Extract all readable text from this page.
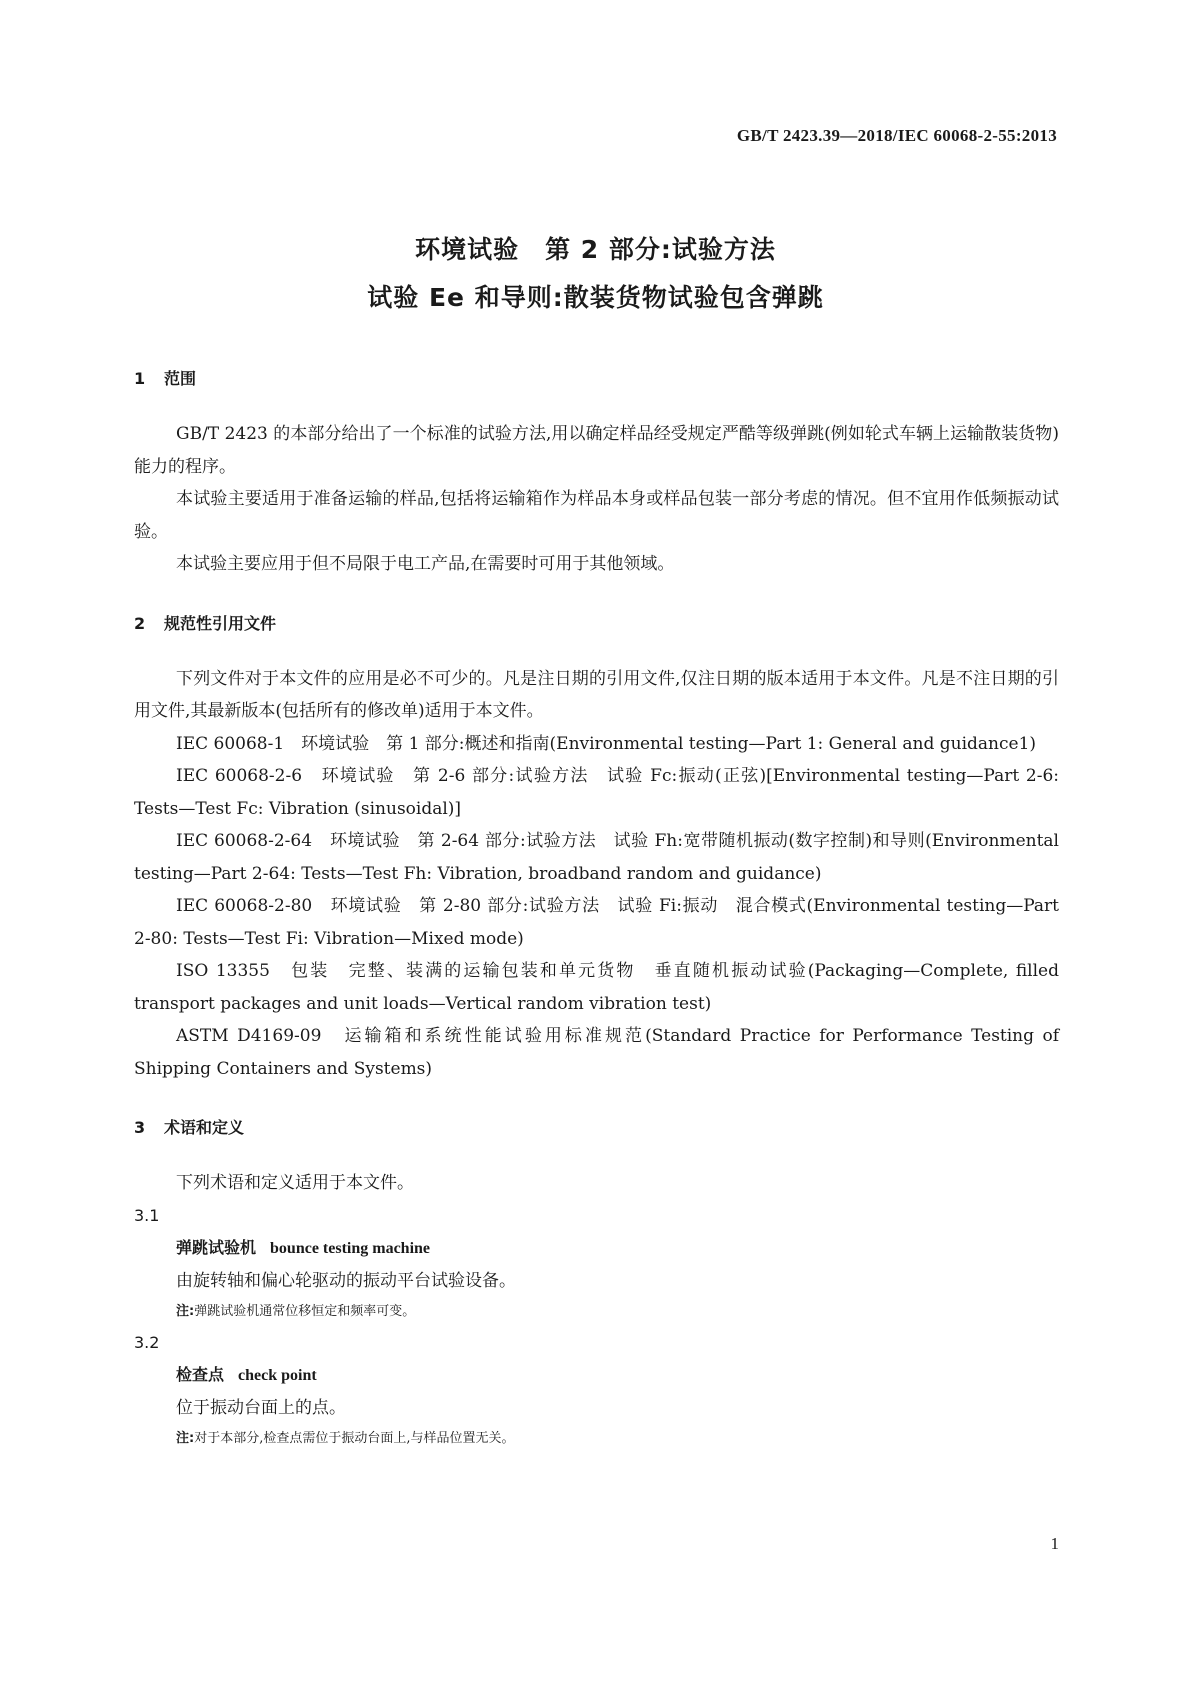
GB/T 2423.39—2018/IEC 60068-2-55:2013
环境试验　第 2 部分:试验方法
试验 Ee 和导则:散装货物试验包含弹跳
1 范围

GB/T 2423 的本部分给出了一个标准的试验方法,用以确定样品经受规定严酷等级弹跳(例如轮式车辆上运输散装货物)能力的程序。

本试验主要适用于准备运输的样品,包括将运输箱作为样品本身或样品包装一部分考虑的情况。但不宜用作低频振动试验。

本试验主要应用于但不局限于电工产品,在需要时可用于其他领域。

2 规范性引用文件

下列文件对于本文件的应用是必不可少的。凡是注日期的引用文件,仅注日期的版本适用于本文件。凡是不注日期的引用文件,其最新版本(包括所有的修改单)适用于本文件。

IEC 60068-1　环境试验　第 1 部分:概述和指南(Environmental testing—Part 1: General and guidance1)

IEC 60068-2-6　环境试验　第 2-6 部分:试验方法　试验 Fc:振动(正弦)[Environmental testing—Part 2-6: Tests—Test Fc: Vibration (sinusoidal)]

IEC 60068-2-64　环境试验　第 2-64 部分:试验方法　试验 Fh:宽带随机振动(数字控制)和导则(Environmental testing—Part 2-64: Tests—Test Fh: Vibration, broadband random and guidance)

IEC 60068-2-80　环境试验　第 2-80 部分:试验方法　试验 Fi:振动　混合模式(Environmental testing—Part 2-80: Tests—Test Fi: Vibration—Mixed mode)

ISO 13355　包装　完整、装满的运输包装和单元货物　垂直随机振动试验(Packaging—Complete, filled transport packages and unit loads—Vertical random vibration test)

ASTM D4169-09　运输箱和系统性能试验用标准规范(Standard Practice for Performance Testing of Shipping Containers and Systems)

3 术语和定义

下列术语和定义适用于本文件。

3.1
弹跳试验机 bounce testing machine
由旋转轴和偏心轮驱动的振动平台试验设备。
注:弹跳试验机通常位移恒定和频率可变。
3.2
检查点 check point
位于振动台面上的点。
注:对于本部分,检查点需位于振动台面上,与样品位置无关。
1
